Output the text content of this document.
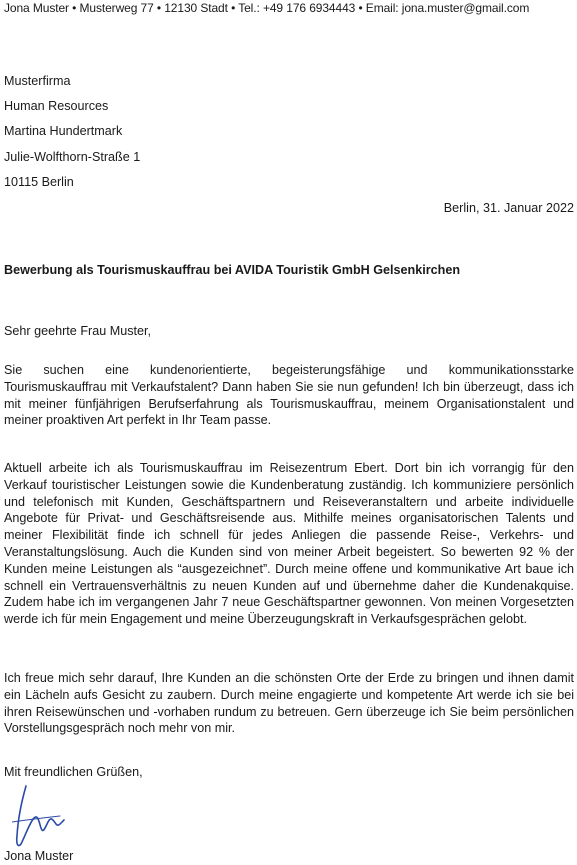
Jona Muster • Musterweg 77 • 12130 Stadt • Tel.: +49 176 6934443 • Email: jona.muster@gmail.com
Musterfirma
Human Resources
Martina Hundertmark
Julie-Wolfthorn-Straße 1
10115 Berlin
Berlin, 31. Januar 2022
Bewerbung als Tourismuskauffrau bei AVIDA Touristik GmbH Gelsenkirchen
Sehr geehrte Frau Muster,
Sie suchen eine kundenorientierte, begeisterungsfähige und kommunikationsstarke Tourismuskauffrau mit Verkaufstalent? Dann haben Sie sie nun gefunden! Ich bin überzeugt, dass ich mit meiner fünfjährigen Berufserfahrung als Tourismuskauffrau, meinem Organisationstalent und meiner proaktiven Art perfekt in Ihr Team passe.
Aktuell arbeite ich als Tourismuskauffrau im Reisezentrum Ebert. Dort bin ich vorrangig für den Verkauf touristischer Leistungen sowie die Kundenberatung zuständig. Ich kommuniziere persönlich und telefonisch mit Kunden, Geschäftspartnern und Reiseveranstaltern und arbeite individuelle Angebote für Privat- und Geschäftsreisende aus. Mithilfe meines organisatorischen Talents und meiner Flexibilität finde ich schnell für jedes Anliegen die passende Reise-, Verkehrs- und Veranstaltungslösung. Auch die Kunden sind von meiner Arbeit begeistert. So bewerten 92 % der Kunden meine Leistungen als “ausgezeichnet”. Durch meine offene und kommunikative Art baue ich schnell ein Vertrauensverhältnis zu neuen Kunden auf und übernehme daher die Kundenakquise. Zudem habe ich im vergangenen Jahr 7 neue Geschäftspartner gewonnen. Von meinen Vorgesetzten werde ich für mein Engagement und meine Überzeugungskraft in Verkaufsgesprächen gelobt.
Ich freue mich sehr darauf, Ihre Kunden an die schönsten Orte der Erde zu bringen und ihnen damit ein Lächeln aufs Gesicht zu zaubern. Durch meine engagierte und kompetente Art werde ich sie bei ihren Reisewünschen und -vorhaben rundum zu betreuen. Gern überzeuge ich Sie beim persönlichen Vorstellungsgespräch noch mehr von mir.
Mit freundlichen Grüßen,
Jona Muster
